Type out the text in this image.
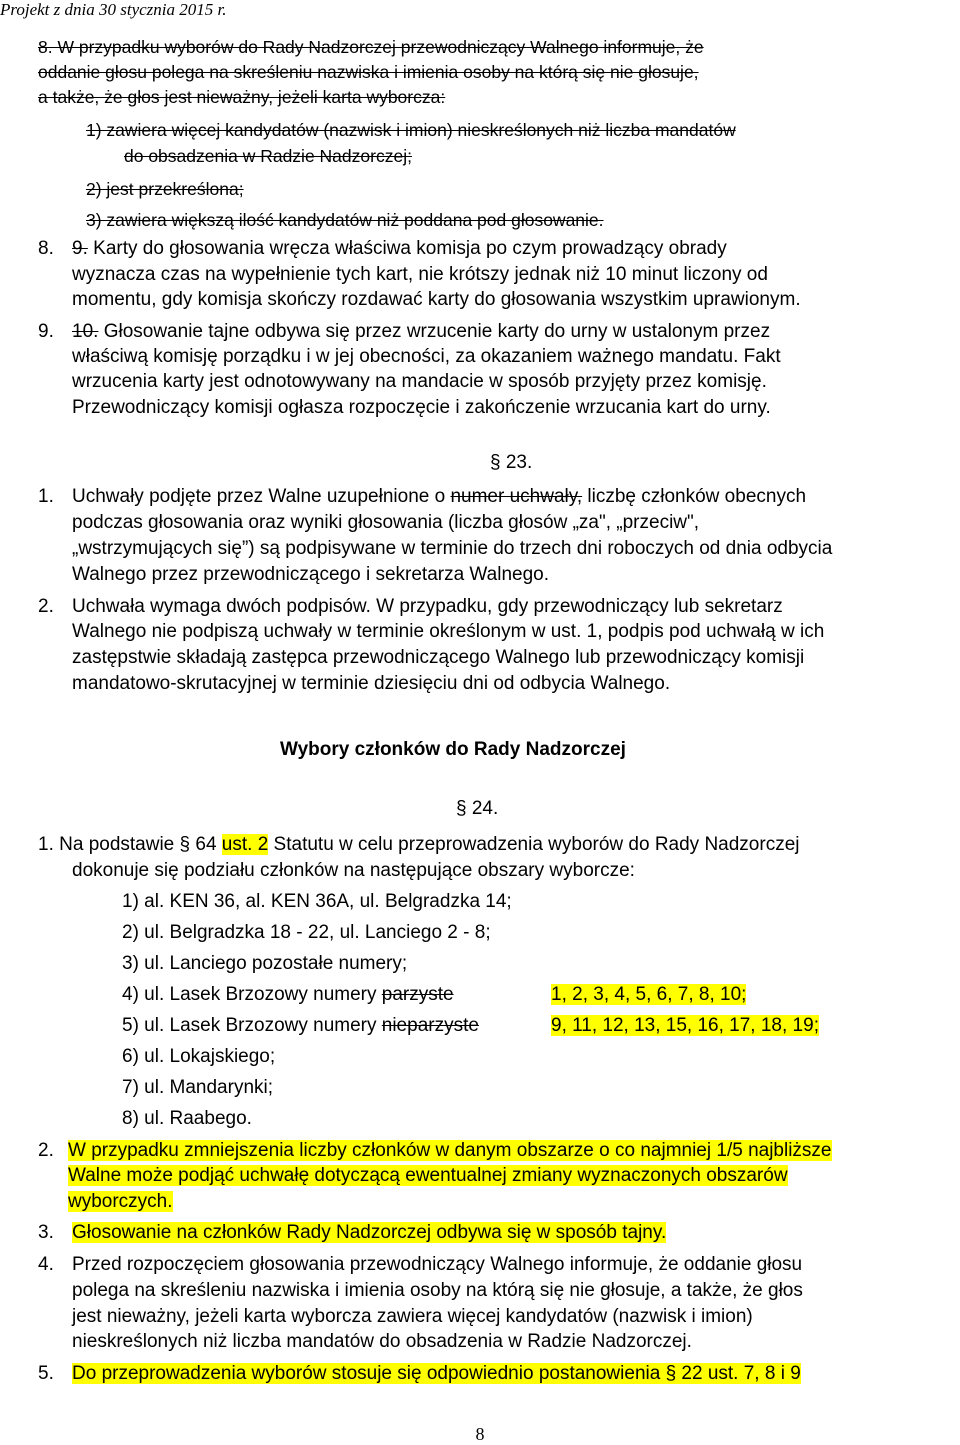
Projekt z dnia 30 stycznia 2015 r.
8. W przypadku wyborów do Rady Nadzorczej przewodniczący Walnego informuje, że
oddanie głosu polega na skreśleniu nazwiska i imienia osoby na którą się nie głosuje,
a także, że głos jest nieważny, jeżeli karta wyborcza:
1) zawiera więcej kandydatów (nazwisk i imion) nieskreślonych niż liczba mandatów
do obsadzenia w Radzie Nadzorczej;
2) jest przekreślona;
3) zawiera większą ilość kandydatów niż poddana pod głosowanie.
8. 9. Karty do głosowania wręcza właściwa komisja po czym prowadzący obrady
wyznacza czas na wypełnienie tych kart, nie krótszy jednak niż 10 minut liczony od
momentu, gdy komisja skończy rozdawać karty do głosowania wszystkim uprawionym.
9. 10. Głosowanie tajne odbywa się przez wrzucenie karty do urny w ustalonym przez
właściwą komisję porządku i w jej obecności, za okazaniem ważnego mandatu. Fakt
wrzucenia karty jest odnotowywany na mandacie w sposób przyjęty przez komisję.
Przewodniczący komisji ogłasza rozpoczęcie i zakończenie wrzucania kart do urny.
§ 23.
1. Uchwały podjęte przez Walne uzupełnione o numer uchwały, liczbę członków obecnych
podczas głosowania oraz wyniki głosowania (liczba głosów „za", „przeciw",
„wstrzymujących się”) są podpisywane w terminie do trzech dni roboczych od dnia odbycia
Walnego przez przewodniczącego i sekretarza Walnego.
2. Uchwała wymaga dwóch podpisów. W przypadku, gdy przewodniczący lub sekretarz
Walnego nie podpiszą uchwały w terminie określonym w ust. 1, podpis pod uchwałą w ich
zastępstwie składają zastępca przewodniczącego Walnego lub przewodniczący komisji
mandatowo-skrutacyjnej w terminie dziesięciu dni od odbycia Walnego.
Wybory członków do Rady Nadzorczej
§ 24.
1. Na podstawie § 64 ust. 2 Statutu w celu przeprowadzenia wyborów do Rady Nadzorczej
dokonuje się podziału członków na następujące obszary wyborcze:
1) al. KEN 36, al. KEN 36A, ul. Belgradzka 14;
2) ul. Belgradzka 18 - 22, ul. Lanciego 2 - 8;
3) ul. Lanciego pozostałe numery;
4) ul. Lasek Brzozowy numery parzyste	1, 2, 3, 4, 5, 6, 7, 8, 10;
5) ul. Lasek Brzozowy numery nieparzyste	9, 11, 12, 13, 15, 16, 17, 18, 19;
6) ul. Lokajskiego;
7) ul. Mandarynki;
8) ul. Raabego.
2. W przypadku zmniejszenia liczby członków w danym obszarze o co najmniej 1/5 najbliższe
Walne może podjąć uchwałę dotyczącą ewentualnej zmiany wyznaczonych obszarów
wyborczych.
3. Głosowanie na członków Rady Nadzorczej odbywa się w sposób tajny.
4. Przed rozpoczęciem głosowania przewodniczący Walnego informuje, że oddanie głosu
polega na skreśleniu nazwiska i imienia osoby na którą się nie głosuje, a także, że głos
jest nieważny, jeżeli karta wyborcza zawiera więcej kandydatów (nazwisk i imion)
nieskreślonych niż liczba mandatów do obsadzenia w Radzie Nadzorczej.
5. Do przeprowadzenia wyborów stosuje się odpowiednio postanowienia § 22 ust. 7, 8 i 9
8
